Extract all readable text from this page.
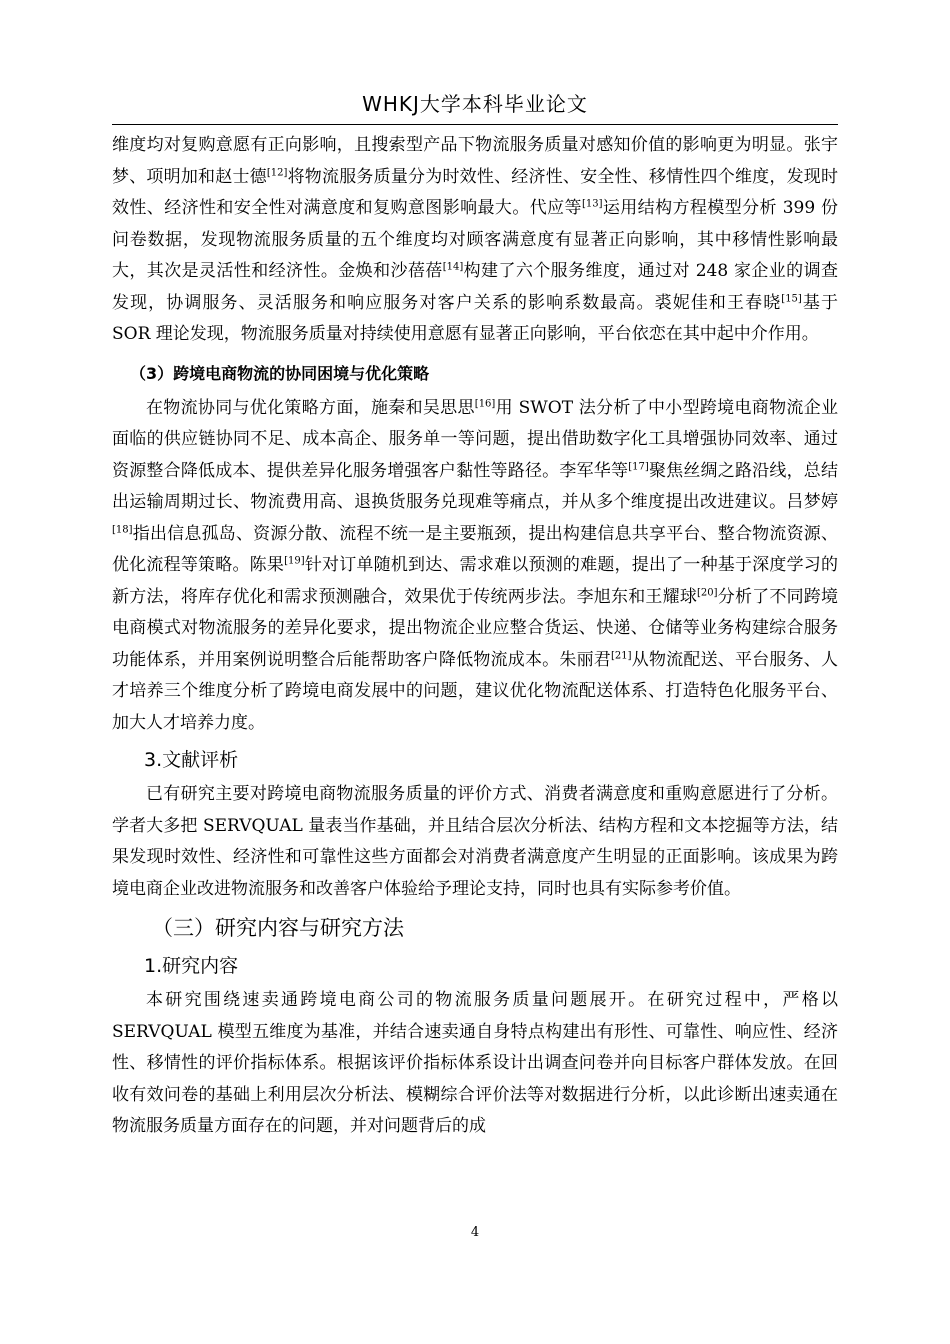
WHKJ大学本科毕业论文

维度均对复购意愿有正向影响，且搜索型产品下物流服务质量对感知价值的影响更为明显。张宇梦、项明加和赵士德[12]将物流服务质量分为时效性、经济性、安全性、移情性四个维度，发现时效性、经济性和安全性对满意度和复购意图影响最大。代应等[13]运用结构方程模型分析 399 份问卷数据，发现物流服务质量的五个维度均对顾客满意度有显著正向影响，其中移情性影响最大，其次是灵活性和经济性。金焕和沙蓓蓓[14]构建了六个服务维度，通过对 248 家企业的调查发现，协调服务、灵活服务和响应服务对客户关系的影响系数最高。裘妮佳和王春晓[15]基于 SOR 理论发现，物流服务质量对持续使用意愿有显著正向影响，平台依恋在其中起中介作用。

（3）跨境电商物流的协同困境与优化策略

在物流协同与优化策略方面，施秦和吴思思[16]用 SWOT 法分析了中小型跨境电商物流企业面临的供应链协同不足、成本高企、服务单一等问题，提出借助数字化工具增强协同效率、通过资源整合降低成本、提供差异化服务增强客户黏性等路径。李军华等[17]聚焦丝绸之路沿线，总结出运输周期过长、物流费用高、退换货服务兑现难等痛点，并从多个维度提出改进建议。吕梦婷[18]指出信息孤岛、资源分散、流程不统一是主要瓶颈，提出构建信息共享平台、整合物流资源、优化流程等策略。陈果[19]针对订单随机到达、需求难以预测的难题，提出了一种基于深度学习的新方法，将库存优化和需求预测融合，效果优于传统两步法。李旭东和王耀球[20]分析了不同跨境电商模式对物流服务的差异化要求，提出物流企业应整合货运、快递、仓储等业务构建综合服务功能体系，并用案例说明整合后能帮助客户降低物流成本。朱丽君[21]从物流配送、平台服务、人才培养三个维度分析了跨境电商发展中的问题，建议优化物流配送体系、打造特色化服务平台、加大人才培养力度。

3.文献评析

已有研究主要对跨境电商物流服务质量的评价方式、消费者满意度和重购意愿进行了分析。学者大多把 SERVQUAL 量表当作基础，并且结合层次分析法、结构方程和文本挖掘等方法，结果发现时效性、经济性和可靠性这些方面都会对消费者满意度产生明显的正面影响。该成果为跨境电商企业改进物流服务和改善客户体验给予理论支持，同时也具有实际参考价值。

（三）研究内容与研究方法
1.研究内容

本研究围绕速卖通跨境电商公司的物流服务质量问题展开。在研究过程中，严格以 SERVQUAL 模型五维度为基准，并结合速卖通自身特点构建出有形性、可靠性、响应性、经济性、移情性的评价指标体系。根据该评价指标体系设计出调查问卷并向目标客户群体发放。在回收有效问卷的基础上利用层次分析法、模糊综合评价法等对数据进行分析，以此诊断出速卖通在物流服务质量方面存在的问题，并对问题背后的成

4
